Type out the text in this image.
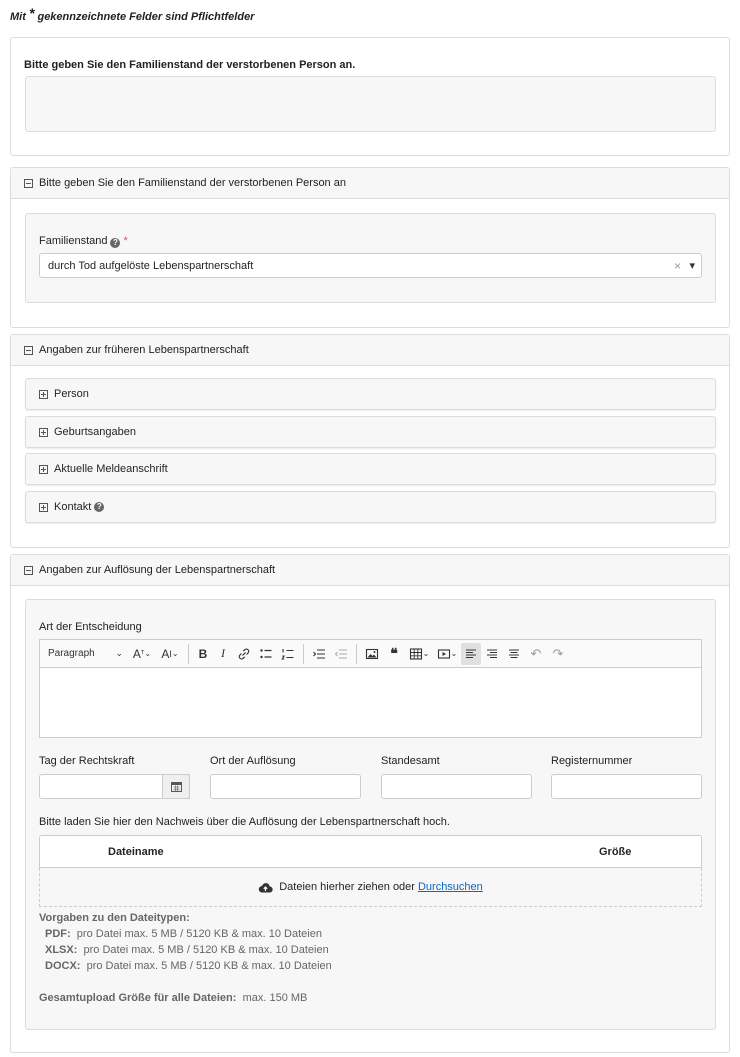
Mit * gekennzeichnete Felder sind Pflichtfelder
Bitte geben Sie den Familienstand der verstorbenen Person an.
Bitte geben Sie den Familienstand der verstorbenen Person an
Familienstand ? *
durch Tod aufgelöste Lebenspartnerschaft	× ▾
Angaben zur früheren Lebenspartnerschaft
Person
Geburtsangaben
Aktuelle Meldeanschrift
Kontakt ?
Angaben zur Auflösung der Lebenspartnerschaft
Art der Entscheidung
Paragraph ⌄ A ᵀ ⌄ A I ⌄	B	I	❝	⌄	⌄	↶ ↷
Tag der Rechtskraft	Ort der Auflösung	Standesamt	Registernummer
Bitte laden Sie hier den Nachweis über die Auflösung der Lebenspartnerschaft hoch.
Dateiname	Größe
Dateien hierher ziehen oder Durchsuchen
Vorgaben zu den Dateitypen:
PDF: pro Datei max. 5 MB / 5120 KB & max. 10 Dateien
XLSX: pro Datei max. 5 MB / 5120 KB & max. 10 Dateien
DOCX: pro Datei max. 5 MB / 5120 KB & max. 10 Dateien
Gesamtupload Größe für alle Dateien: max. 150 MB
